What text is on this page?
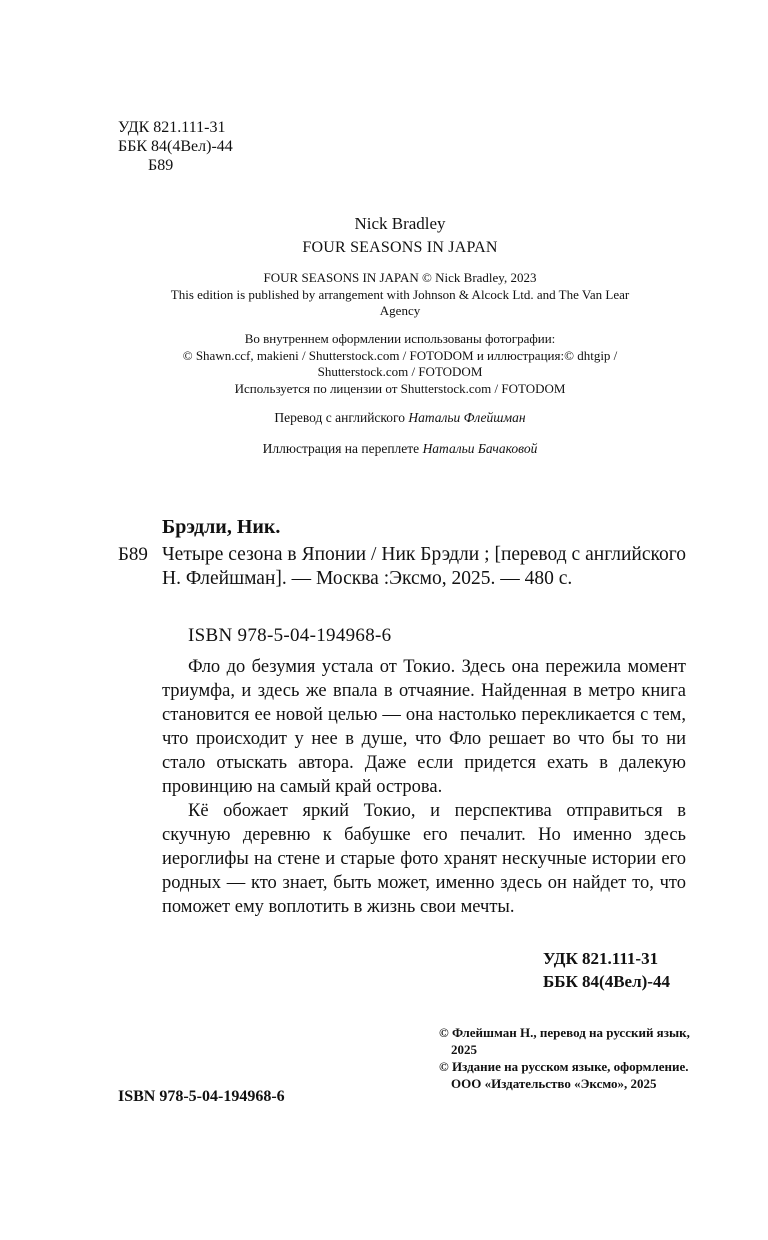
УДК 821.111-31
ББК 84(4Вел)-44
Б89
Nick Bradley
FOUR SEASONS IN JAPAN
FOUR SEASONS IN JAPAN © Nick Bradley, 2023
This edition is published by arrangement with Johnson & Alcock Ltd. and The Van Lear
Agency
Во внутреннем оформлении использованы фотографии:
© Shawn.ccf, makieni / Shutterstock.com / FOTODOM и иллюстрация:© dhtgip /
Shutterstock.com / FOTODOM
Используется по лицензии от Shutterstock.com / FOTODOM
Перевод с английского Натальи Флейшман
Иллюстрация на переплете Натальи Бачаковой
Брэдли, Ник.
Б89 Четыре сезона в Японии / Ник Брэдли ; [перевод с английского Н. Флейшман]. — Москва :Эксмо, 2025. — 480 с.
ISBN 978-5-04-194968-6

Фло до безумия устала от Токио. Здесь она пережила момент триумфа, и здесь же впала в отчаяние. Найденная в метро книга становится ее новой целью — она настолько перекликается с тем, что происходит у нее в душе, что Фло решает во что бы то ни стало отыскать автора. Даже если придется ехать в далекую провинцию на самый край острова.

Кё обожает яркий Токио, и перспектива отправиться в скучную деревню к бабушке его печалит. Но именно здесь иероглифы на стене и старые фото хранят нескучные истории его родных — кто знает, быть может, именно здесь он найдет то, что поможет ему воплотить в жизнь свои мечты.

УДК 821.111-31
ББК 84(4Вел)-44

© Флейшман Н., перевод на русский язык, 2025

© Издание на русском языке, оформление. ООО «Издательство «Эксмо», 2025

ISBN 978-5-04-194968-6
